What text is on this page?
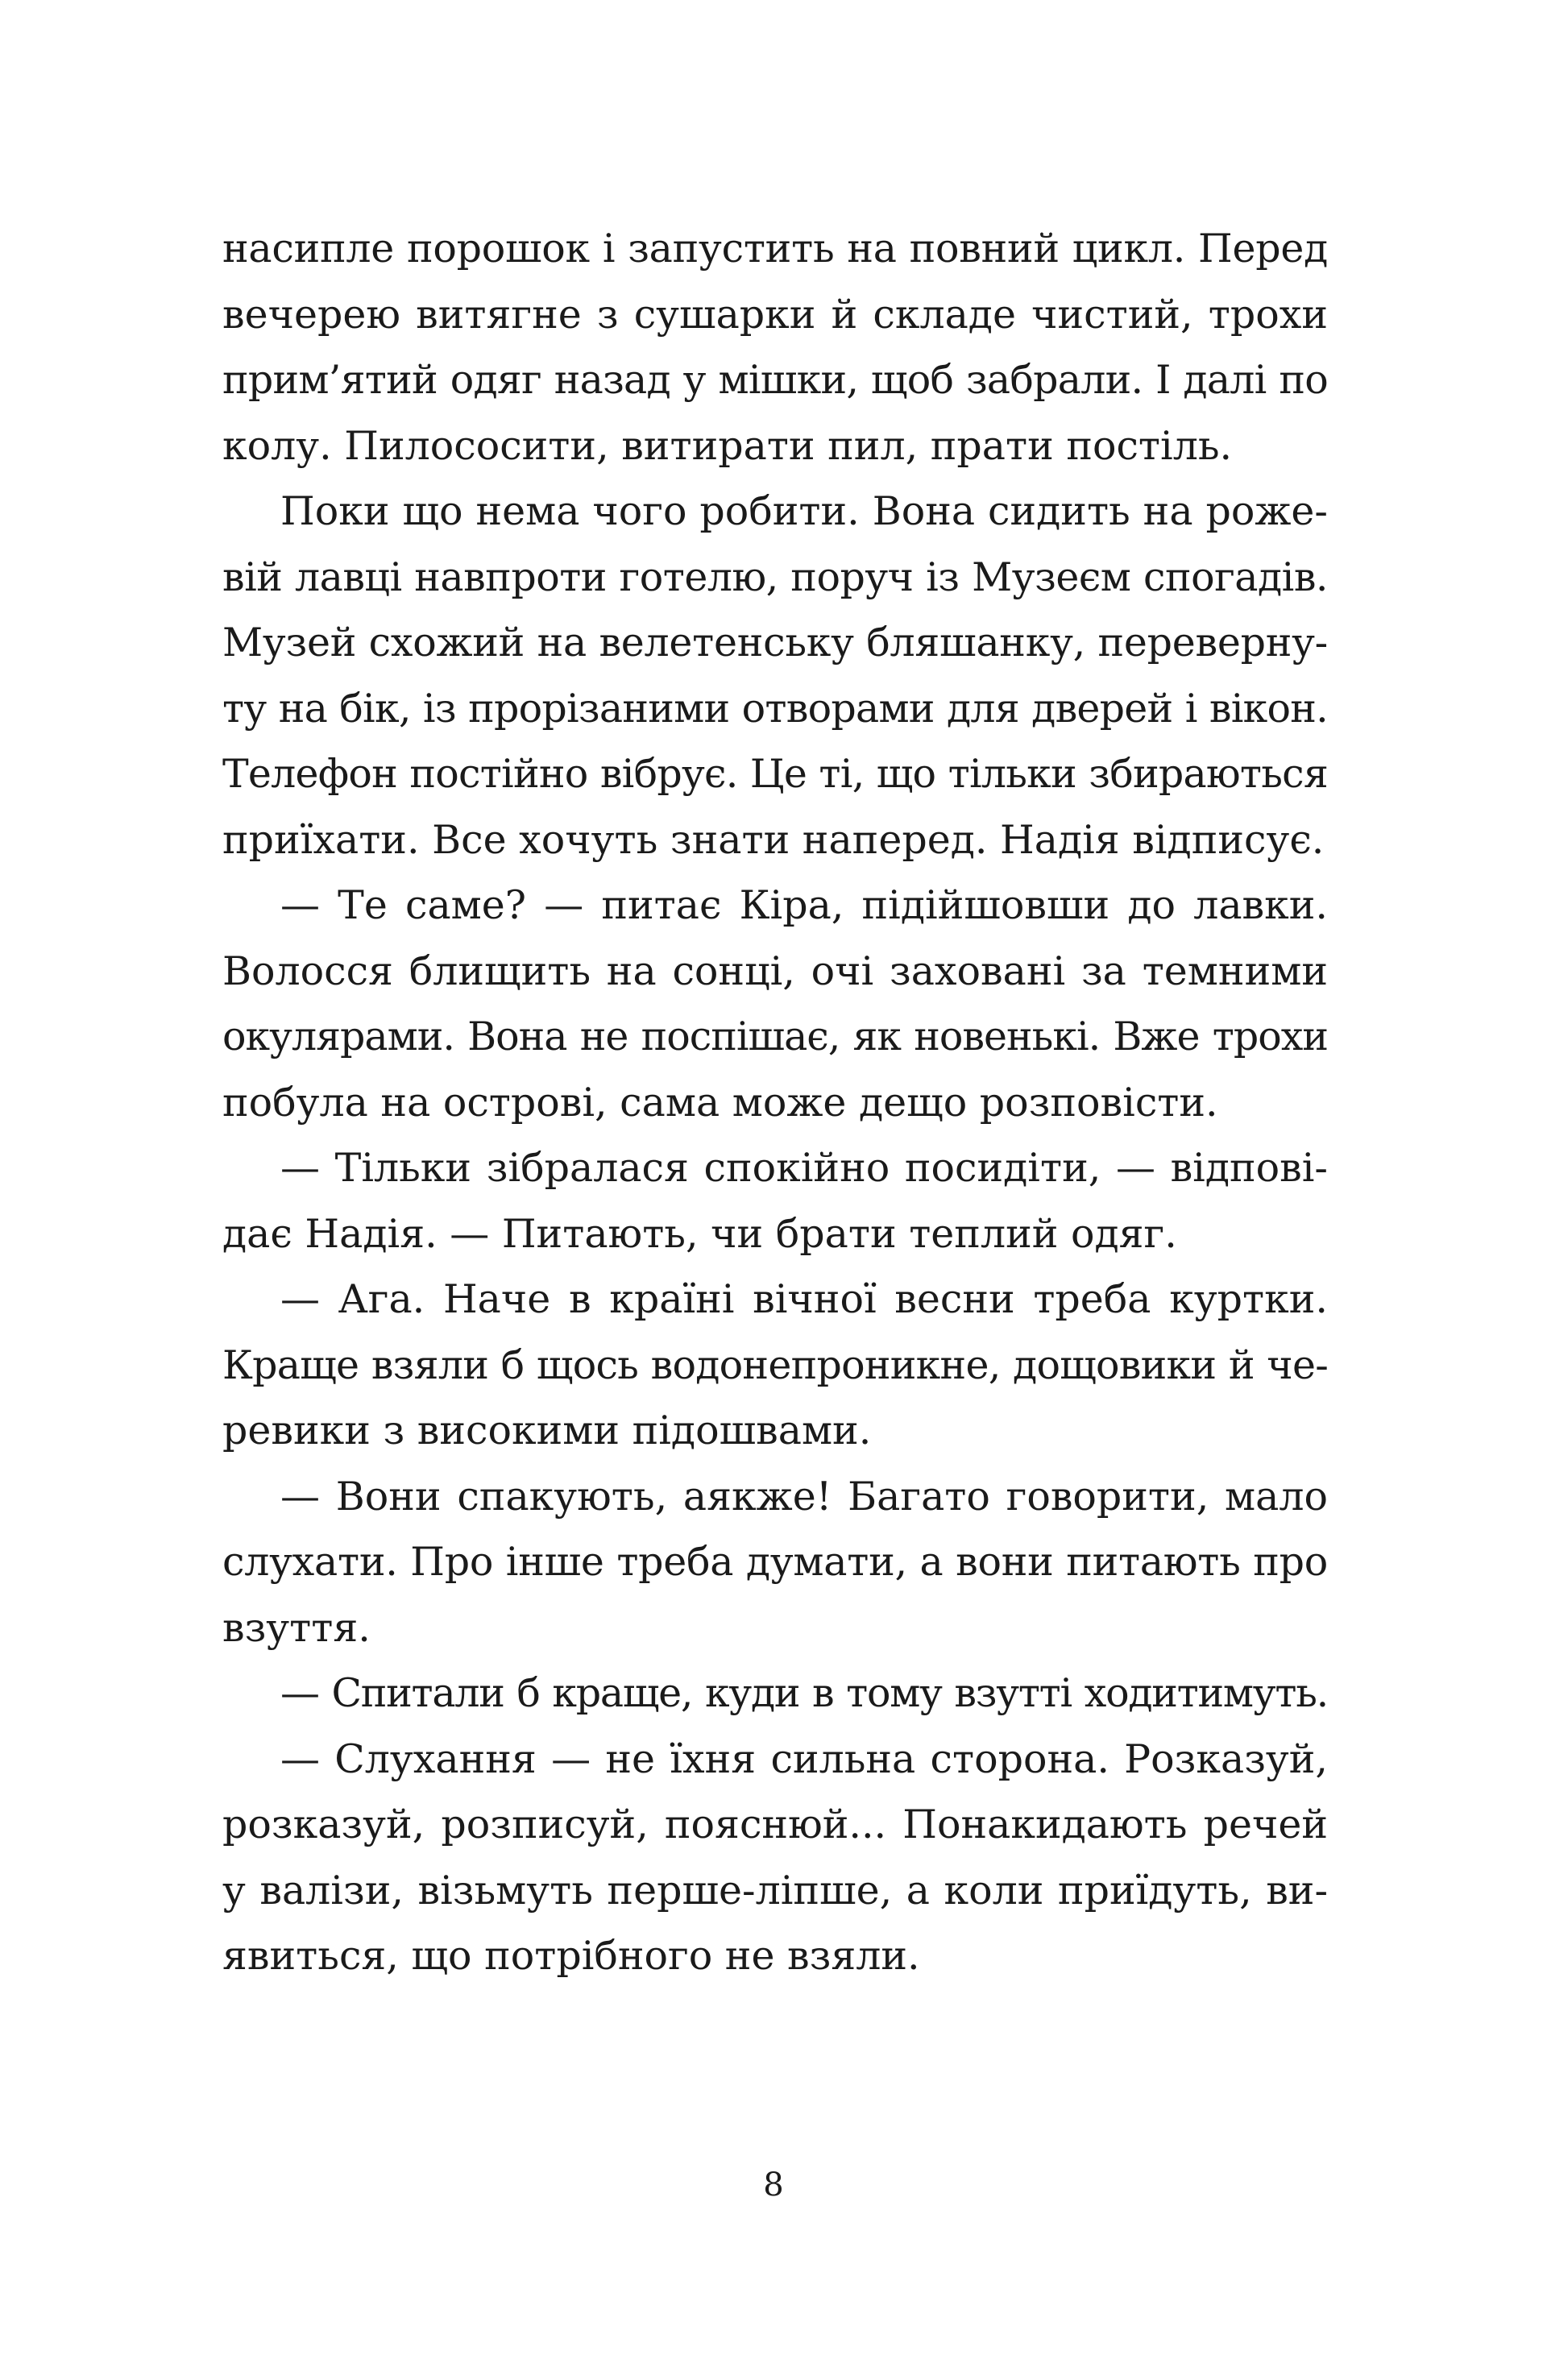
насипле порошок і запустить на повний цикл. Перед
вечерею витягне з сушарки й складе чистий, трохи
прим’ятий одяг назад у мішки, щоб забрали. І далі по
колу. Пилососити, витирати пил, прати постіль.
Поки що нема чого робити. Вона сидить на роже-
вій лавці навпроти готелю, поруч із Музеєм спогадів.
Музей схожий на велетенську бляшанку, переверну-
ту на бік, із прорізаними отворами для дверей і вікон.
Телефон постійно вібрує. Це ті, що тільки збираються
приїхати. Все хочуть знати наперед. Надія відписує.
— Те саме? — питає Кіра, підійшовши до лавки.
Волосся блищить на сонці, очі заховані за темними
окулярами. Вона не поспішає, як новенькі. Вже трохи
побула на острові, сама може дещо розповісти.
— Тільки зібралася спокійно посидіти, — відпові-
дає Надія. — Питають, чи брати теплий одяг.
— Ага. Наче в країні вічної весни треба куртки.
Краще взяли б щось водонепроникне, дощовики й че-
ревики з високими підошвами.
— Вони спакують, аякже! Багато говорити, мало
слухати. Про інше треба думати, а вони питають про
взуття.
— Спитали б краще, куди в тому взутті ходитимуть.
— Слухання — не їхня сильна сторона. Розказуй,
розказуй, розписуй, пояснюй... Понакидають речей
у валізи, візьмуть перше-ліпше, а коли приїдуть, ви-
явиться, що потрібного не взяли.
8
